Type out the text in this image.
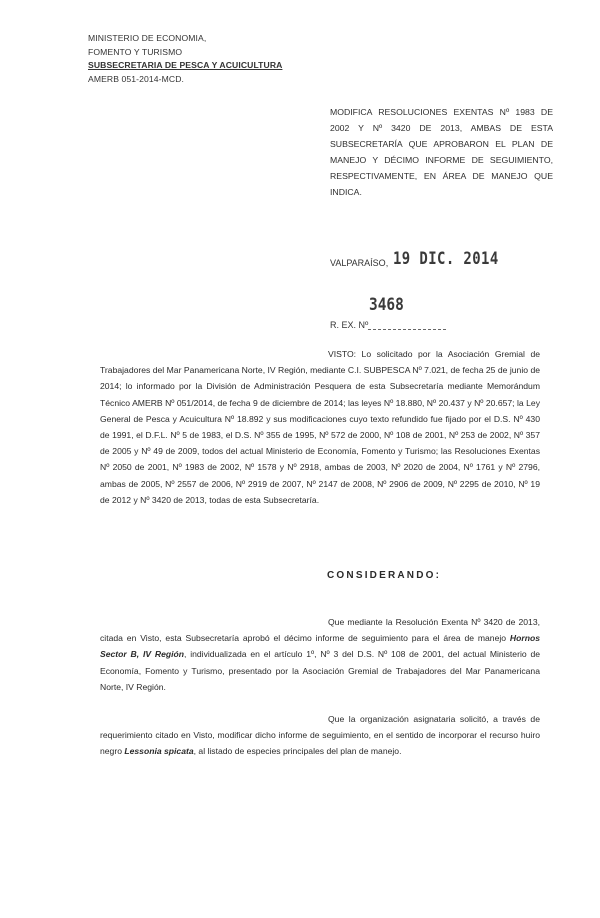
MINISTERIO DE ECONOMIA,
FOMENTO Y TURISMO
SUBSECRETARIA DE PESCA Y ACUICULTURA
AMERB 051-2014-MCD.
MODIFICA RESOLUCIONES EXENTAS Nº 1983 DE 2002 Y Nº 3420 DE 2013, AMBAS DE ESTA SUBSECRETARÍA QUE APROBARON EL PLAN DE MANEJO Y DÉCIMO INFORME DE SEGUIMIENTO, RESPECTIVAMENTE, EN ÁREA DE MANEJO QUE INDICA.
VALPARAÍSO, 19 DIC. 2014
3468
R. EX. Nº
VISTO: Lo solicitado por la Asociación Gremial de Trabajadores del Mar Panamericana Norte, IV Región, mediante C.I. SUBPESCA Nº 7.021, de fecha 25 de junio de 2014; lo informado por la División de Administración Pesquera de esta Subsecretaría mediante Memorándum Técnico AMERB Nº 051/2014, de fecha 9 de diciembre de 2014; las leyes Nº 18.880, Nº 20.437 y Nº 20.657; la Ley General de Pesca y Acuicultura Nº 18.892 y sus modificaciones cuyo texto refundido fue fijado por el D.S. Nº 430 de 1991, el D.F.L. Nº 5 de 1983, el D.S. Nº 355 de 1995, Nº 572 de 2000, Nº 108 de 2001, Nº 253 de 2002, Nº 357 de 2005 y Nº 49 de 2009, todos del actual Ministerio de Economía, Fomento y Turismo; las Resoluciones Exentas Nº 2050 de 2001, Nº 1983 de 2002, Nº 1578 y Nº 2918, ambas de 2003, Nº 2020 de 2004, Nº 1761 y Nº 2796, ambas de 2005, Nº 2557 de 2006, Nº 2919 de 2007, Nº 2147 de 2008, Nº 2906 de 2009, Nº 2295 de 2010, Nº 19 de 2012 y Nº 3420 de 2013, todas de esta Subsecretaría.
CONSIDERANDO:
Que mediante la Resolución Exenta Nº 3420 de 2013, citada en Visto, esta Subsecretaría aprobó el décimo informe de seguimiento para el área de manejo Hornos Sector B, IV Región, individualizada en el artículo 1º, Nº 3 del D.S. Nº 108 de 2001, del actual Ministerio de Economía, Fomento y Turismo, presentado por la Asociación Gremial de Trabajadores del Mar Panamericana Norte, IV Región.
Que la organización asignataria solicitó, a través de requerimiento citado en Visto, modificar dicho informe de seguimiento, en el sentido de incorporar el recurso huiro negro Lessonia spicata, al listado de especies principales del plan de manejo.
